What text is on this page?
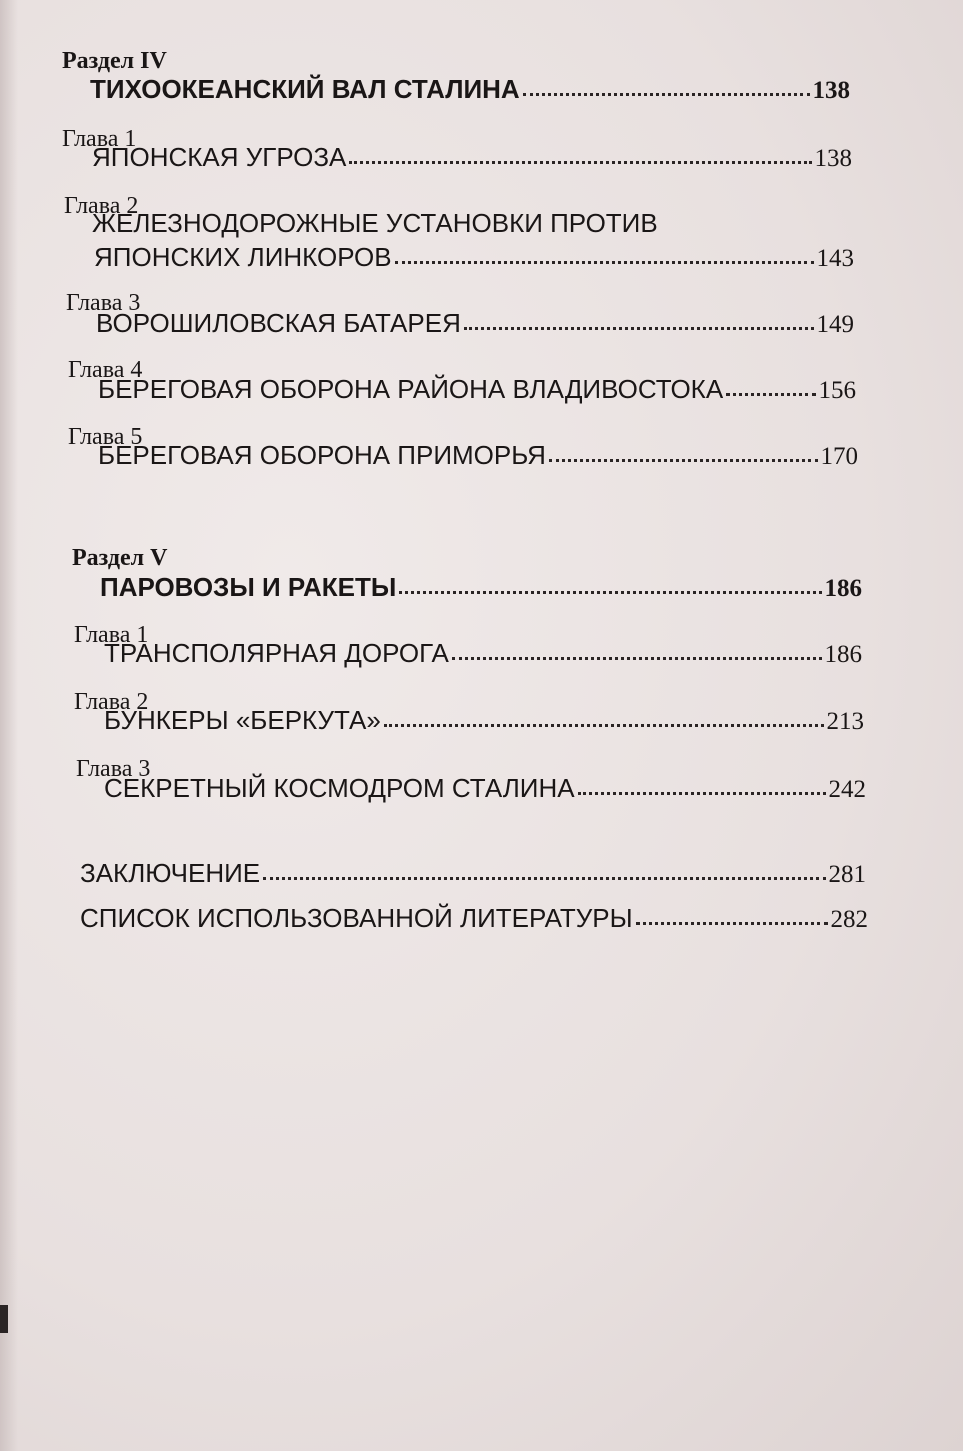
Раздел IV
ТИХООКЕАНСКИЙ ВАЛ СТАЛИНА	138
Глава 1
ЯПОНСКАЯ УГРОЗА	138
Глава 2
ЖЕЛЕЗНОДОРОЖНЫЕ УСТАНОВКИ ПРОТИВ
ЯПОНСКИХ ЛИНКОРОВ	143
Глава 3
ВОРОШИЛОВСКАЯ БАТАРЕЯ	149
Глава 4
БЕРЕГОВАЯ ОБОРОНА РАЙОНА ВЛАДИВОСТОКА	156
Глава 5
БЕРЕГОВАЯ ОБОРОНА ПРИМОРЬЯ	170
Раздел V
ПАРОВОЗЫ И РАКЕТЫ	186
Глава 1
ТРАНСПОЛЯРНАЯ ДОРОГА	186
Глава 2
БУНКЕРЫ «БЕРКУТА»	213
Глава 3
СЕКРЕТНЫЙ КОСМОДРОМ СТАЛИНА	242
ЗАКЛЮЧЕНИЕ	281
СПИСОК ИСПОЛЬЗОВАННОЙ ЛИТЕРАТУРЫ	282
